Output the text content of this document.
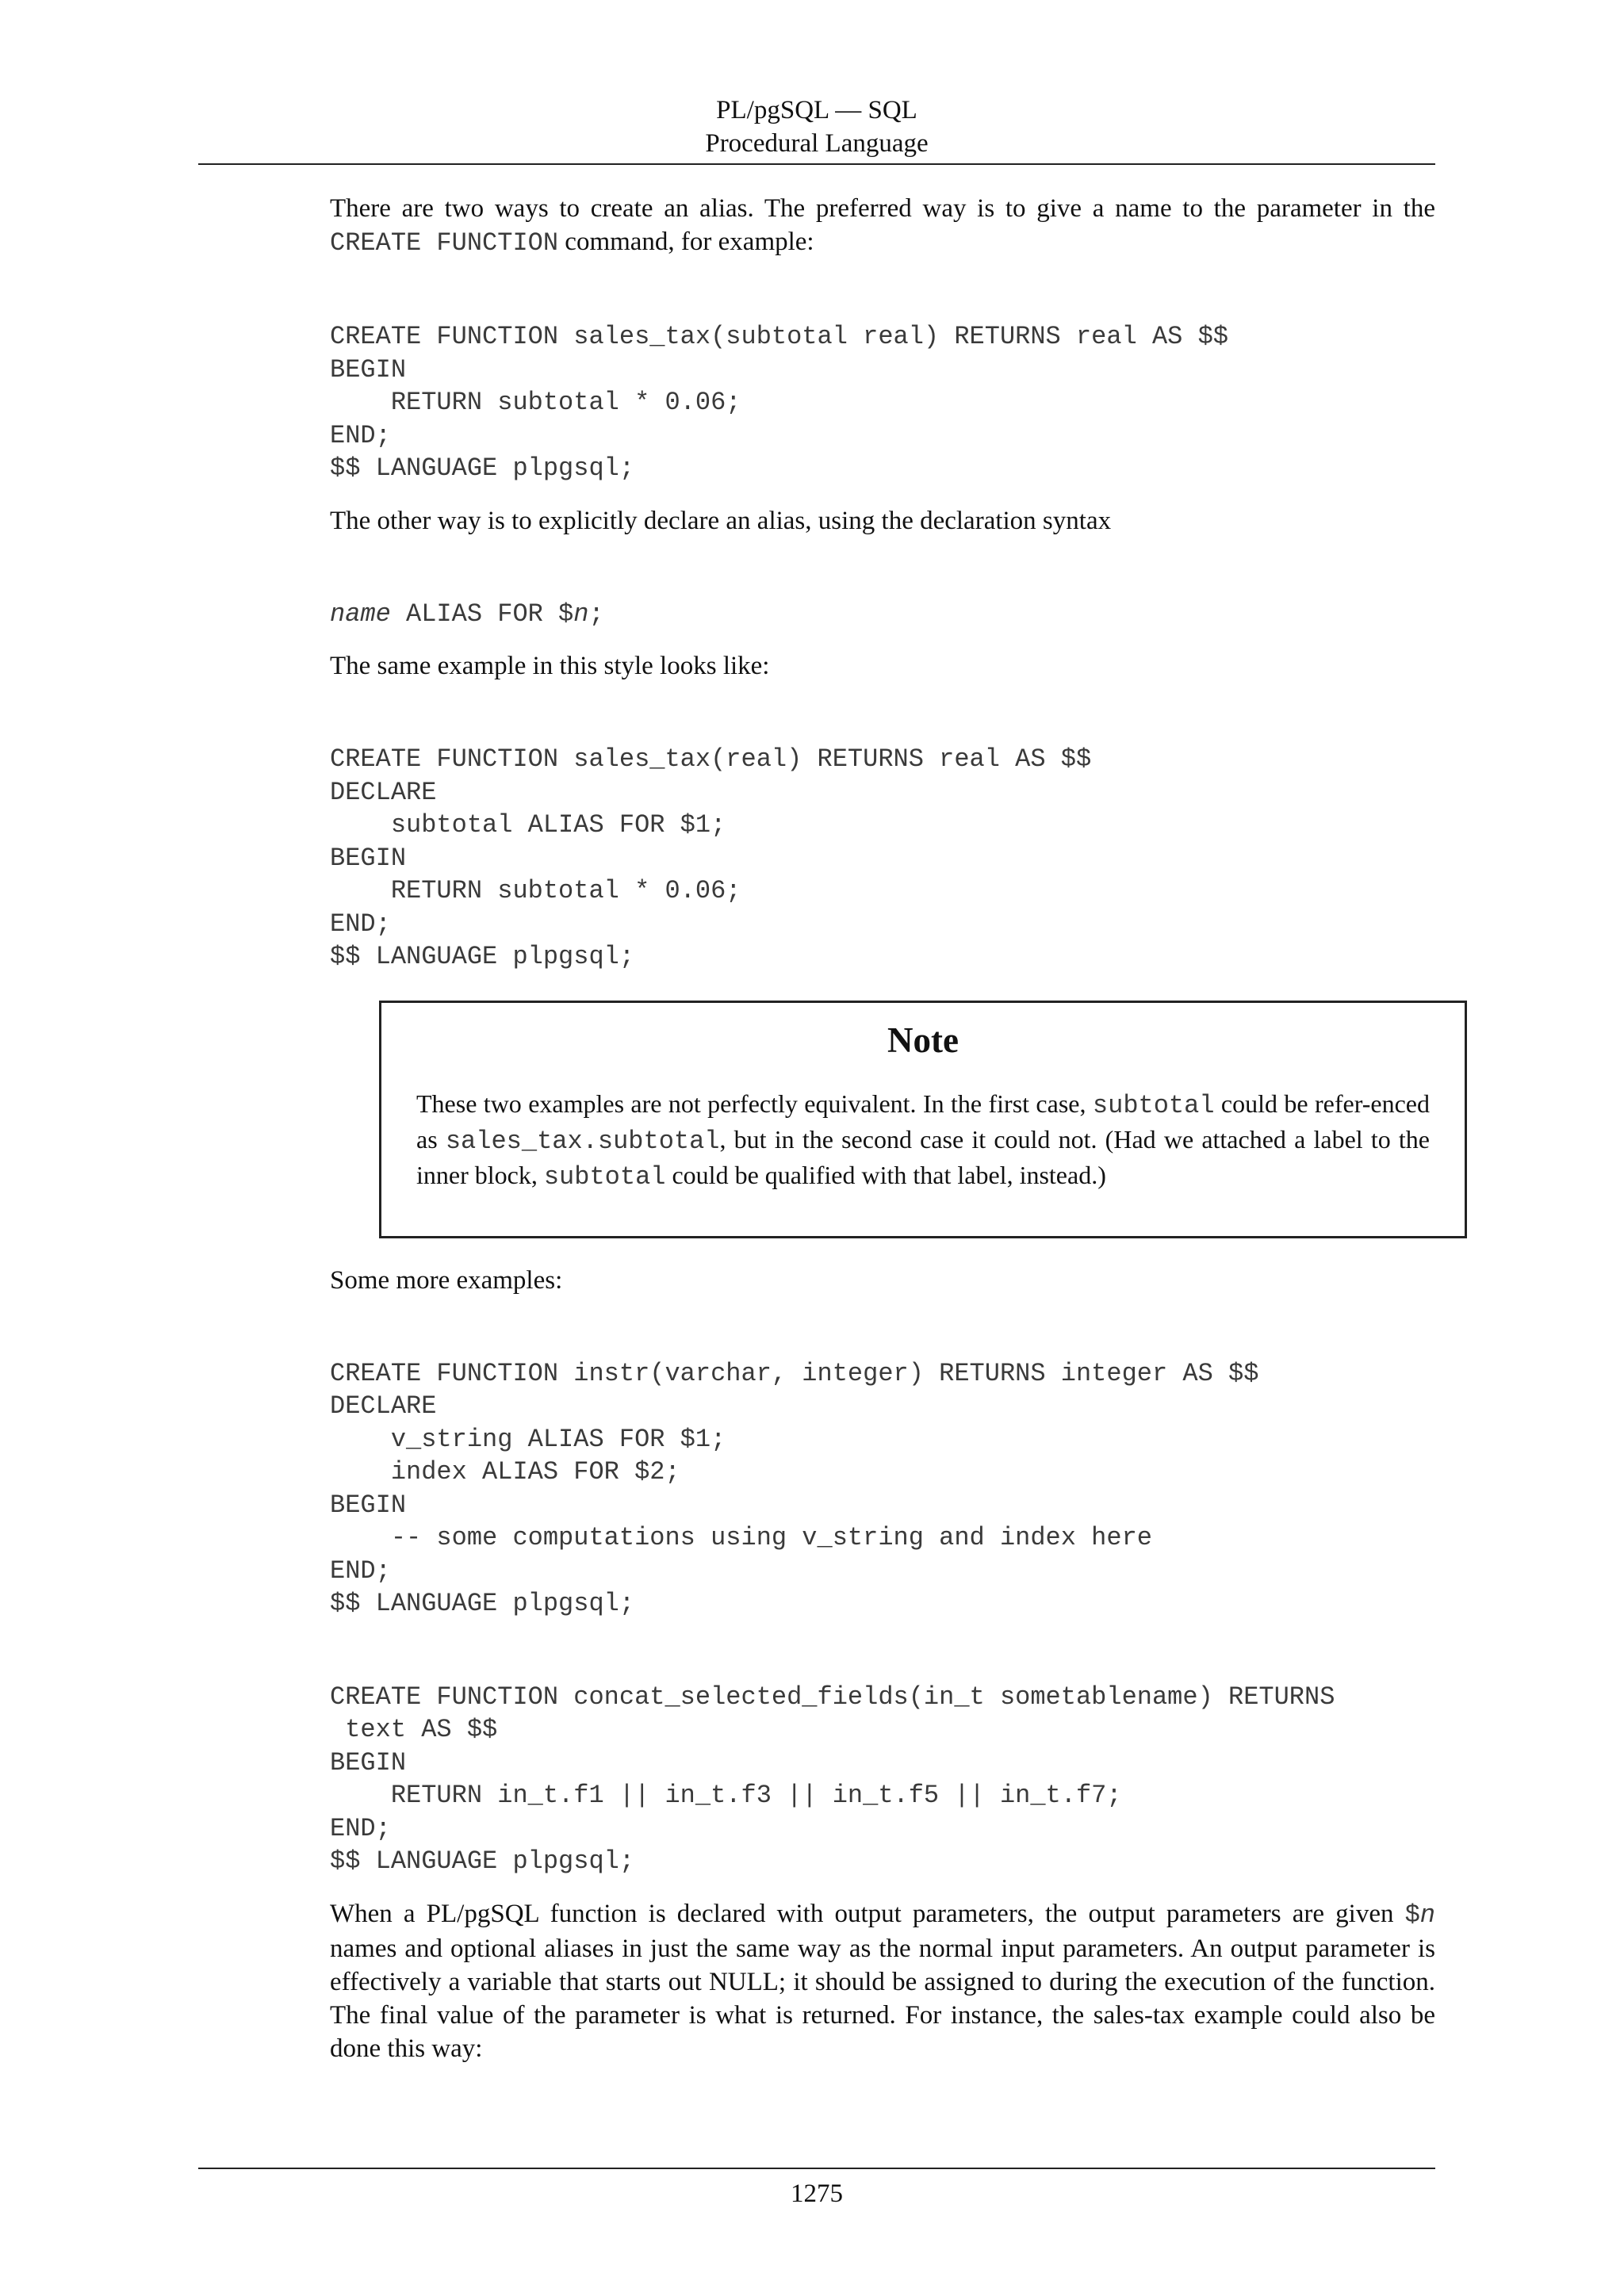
PL/pgSQL — SQL
Procedural Language

There are two ways to create an alias. The preferred way is to give a name to the parameter in the CREATE FUNCTION command, for example:

CREATE FUNCTION sales_tax(subtotal real) RETURNS real AS $$
BEGIN
RETURN subtotal * 0.06;
END;
$$ LANGUAGE plpgsql;

The other way is to explicitly declare an alias, using the declaration syntax

name ALIAS FOR $n;

The same example in this style looks like:

CREATE FUNCTION sales_tax(real) RETURNS real AS $$
DECLARE
subtotal ALIAS FOR $1;
BEGIN
RETURN subtotal * 0.06;
END;
$$ LANGUAGE plpgsql;
Note
These two examples are not perfectly equivalent. In the first case, subtotal could be refer-enced as sales_tax.subtotal, but in the second case it could not. (Had we attached a label to the inner block, subtotal could be qualified with that label, instead.)

Some more examples:

CREATE FUNCTION instr(varchar, integer) RETURNS integer AS $$
DECLARE
v_string ALIAS FOR $1;
index ALIAS FOR $2;
BEGIN
-- some computations using v_string and index here
END;
$$ LANGUAGE plpgsql;
CREATE FUNCTION concat_selected_fields(in_t sometablename) RETURNS
text AS $$
BEGIN
RETURN in_t.f1 || in_t.f3 || in_t.f5 || in_t.f7;
END;
$$ LANGUAGE plpgsql;

When a PL/pgSQL function is declared with output parameters, the output parameters are given $n names and optional aliases in just the same way as the normal input parameters. An output parameter is effectively a variable that starts out NULL; it should be assigned to during the execution of the function. The final value of the parameter is what is returned. For instance, the sales-tax example could also be done this way:

1275
